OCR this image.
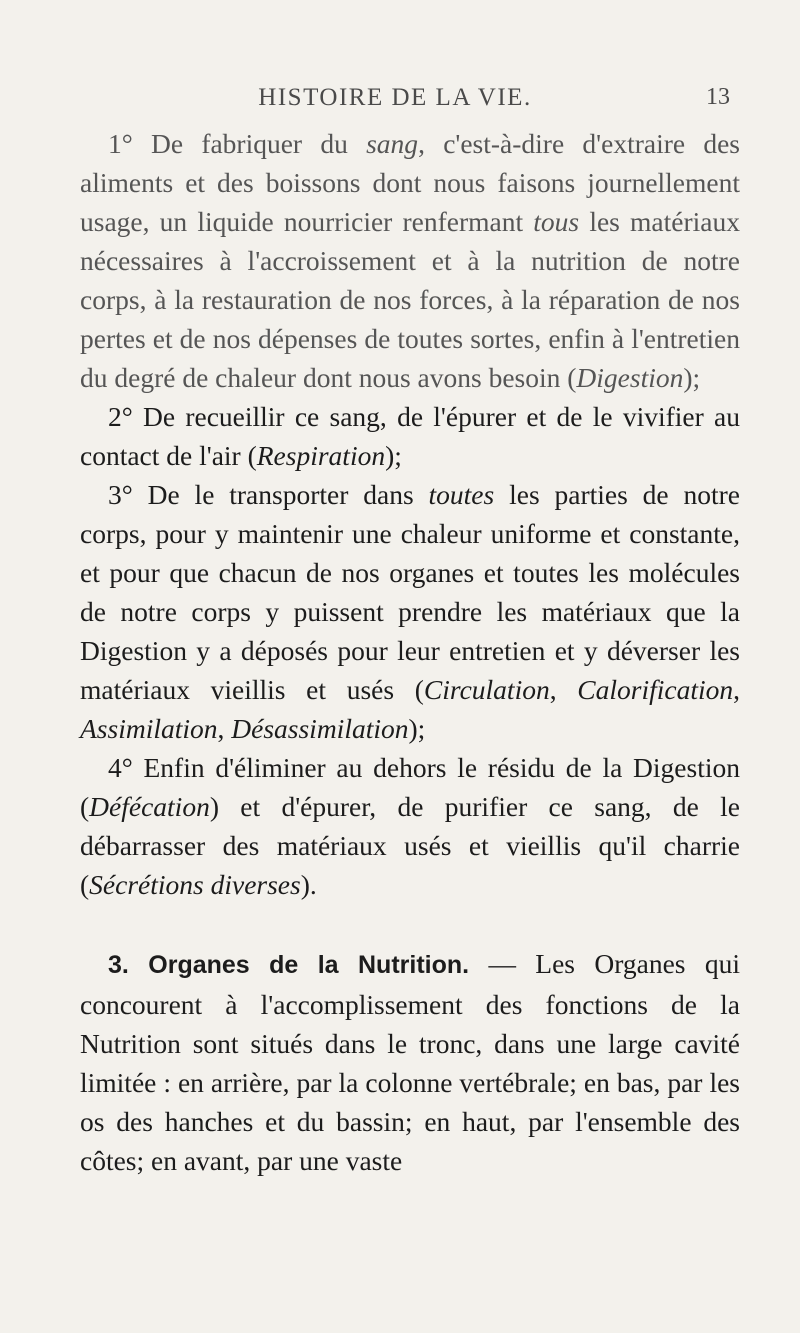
HISTOIRE DE LA VIE.	13

1° De fabriquer du sang, c'est-à-dire d'extraire des aliments et des boissons dont nous faisons journellement usage, un liquide nourricier renfermant tous les matériaux nécessaires à l'accroissement et à la nutrition de notre corps, à la restauration de nos forces, à la réparation de nos pertes et de nos dépenses de toutes sortes, enfin à l'entretien du degré de chaleur dont nous avons besoin (Digestion);

2° De recueillir ce sang, de l'épurer et de le vivifier au contact de l'air (Respiration);

3° De le transporter dans toutes les parties de notre corps, pour y maintenir une chaleur uniforme et constante, et pour que chacun de nos organes et toutes les molécules de notre corps y puissent prendre les matériaux que la Digestion y a déposés pour leur entretien et y déverser les matériaux vieillis et usés (Circulation, Calorification, Assimilation, Désassimilation);

4° Enfin d'éliminer au dehors le résidu de la Digestion (Défécation) et d'épurer, de purifier ce sang, de le débarrasser des matériaux usés et vieillis qu'il charrie (Sécrétions diverses).

3. Organes de la Nutrition. — Les Organes qui concourent à l'accomplissement des fonctions de la Nutrition sont situés dans le tronc, dans une large cavité limitée : en arrière, par la colonne vertébrale; en bas, par les os des hanches et du bassin; en haut, par l'ensemble des côtes; en avant, par une vaste
